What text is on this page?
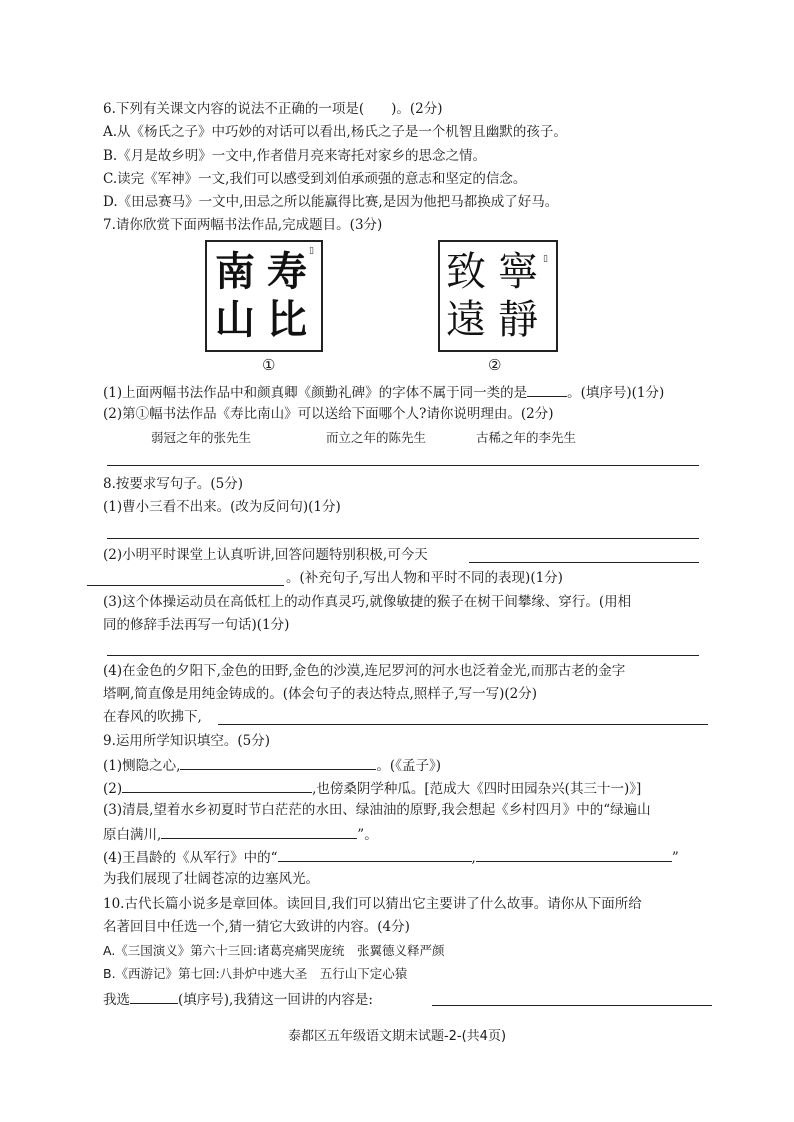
6.下列有关课文内容的说法不正确的一项是(　　)。(2分)
A.从《杨氏之子》中巧妙的对话可以看出,杨氏之子是一个机智且幽默的孩子。
B.《月是故乡明》一文中,作者借月亮来寄托对家乡的思念之情。
C.读完《军神》一文,我们可以感受到刘伯承顽强的意志和坚定的信念。
D.《田忌赛马》一文中,田忌之所以能赢得比赛,是因为他把马都换成了好马。
7.请你欣赏下面两幅书法作品,完成题目。(3分)
南 寿
山 比
▯
①
致 寧
遠 靜
▯
②
(1)上面两幅书法作品中和颜真卿《颜勤礼碑》的字体不属于同一类的是	。(填序号)(1分)
(2)第①幅书法作品《寿比南山》可以送给下面哪个人?请你说明理由。(2分)
弱冠之年的张先生	而立之年的陈先生	古稀之年的李先生
8.按要求写句子。(5分)
(1)曹小三看不出来。(改为反问句)(1分)
(2)小明平时课堂上认真听讲,回答问题特别积极,可今天
。(补充句子,写出人物和平时不同的表现)(1分)
(3)这个体操运动员在高低杠上的动作真灵巧,就像敏捷的猴子在树干间攀缘、穿行。(用相
同的修辞手法再写一句话)(1分)
(4)在金色的夕阳下,金色的田野,金色的沙漠,连尼罗河的河水也泛着金光,而那古老的金字
塔啊,简直像是用纯金铸成的。(体会句子的表达特点,照样子,写一写)(2分)
在春风的吹拂下,
9.运用所学知识填空。(5分)
(1)恻隐之心,	。(《孟子》)
(2)	,也傍桑阴学种瓜。[范成大《四时田园杂兴(其三十一)》]
(3)清晨,望着水乡初夏时节白茫茫的水田、绿油油的原野,我会想起《乡村四月》中的“绿遍山
原白满川,	”。
(4)王昌龄的《从军行》中的“	,	”
为我们展现了壮阔苍凉的边塞风光。
10.古代长篇小说多是章回体。读回目,我们可以猜出它主要讲了什么故事。请你从下面所给
名著回目中任选一个,猜一猜它大致讲的内容。(4分)
A.《三国演义》第六十三回:诸葛亮痛哭庞统　张翼德义释严颜
B.《西游记》第七回:八卦炉中逃大圣　五行山下定心猿
我选	(填序号),我猜这一回讲的内容是:
泰都区五年级语文期末试题-2-(共4页)
